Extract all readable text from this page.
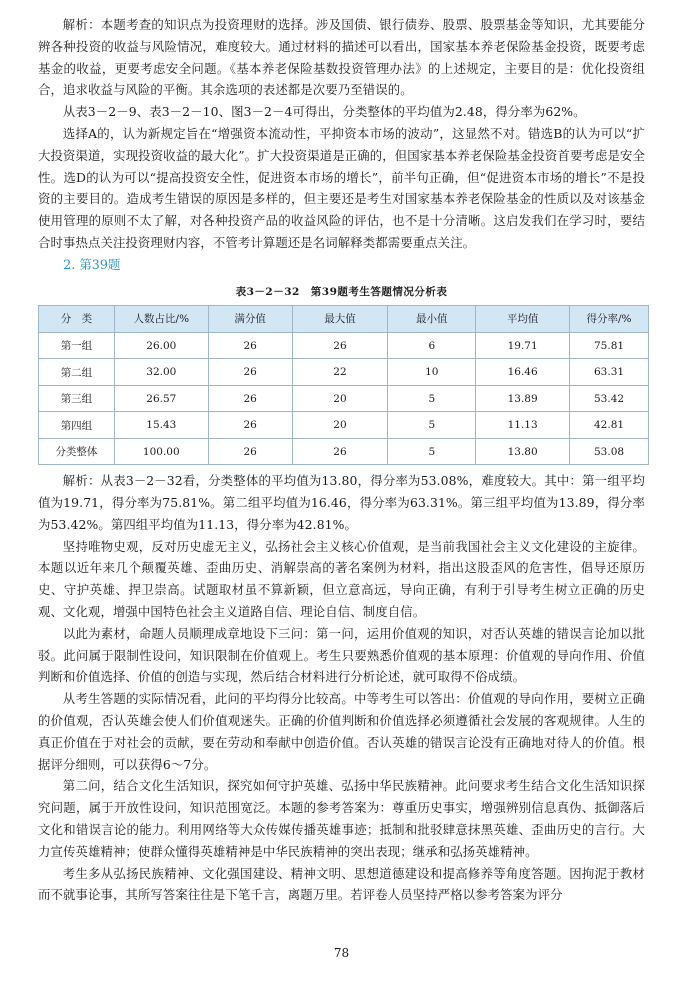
解析：本题考查的知识点为投资理财的选择。涉及国债、银行债券、股票、股票基金等知识，尤其要能分辨各种投资的收益与风险情况，难度较大。通过材料的描述可以看出，国家基本养老保险基金投资，既要考虑基金的收益，更要考虑安全问题。《基本养老保险基数投资管理办法》的上述规定，主要目的是：优化投资组合，追求收益与风险的平衡。其余选项的表述都是次要乃至错误的。

从表3－2－9、表3－2－10、图3－2－4可得出，分类整体的平均值为2.48，得分率为62%。

选择A的，认为新规定旨在“增强资本流动性，平抑资本市场的波动”，这显然不对。错选B的认为可以“扩大投资渠道，实现投资收益的最大化”。扩大投资渠道是正确的，但国家基本养老保险基金投资首要考虑是安全性。选D的认为可以“提高投资安全性，促进资本市场的增长”，前半句正确，但“促进资本市场的增长”不是投资的主要目的。造成考生错误的原因是多样的，但主要还是考生对国家基本养老保险基金的性质以及对该基金使用管理的原则不太了解，对各种投资产品的收益风险的评估，也不是十分清晰。这启发我们在学习时，要结合时事热点关注投资理财内容，不管考计算题还是名词解释类都需要重点关注。

2. 第39题
表3－2－32　第39题考生答题情况分析表
分　类	人数占比/%	满分值	最大值	最小值	平均值	得分率/%
第一组	26.00	26	26	6	19.71	75.81
第二组	32.00	26	22	10	16.46	63.31
第三组	26.57	26	20	5	13.89	53.42
第四组	15.43	26	20	5	11.13	42.81
分类整体	100.00	26	26	5	13.80	53.08

解析：从表3－2－32看，分类整体的平均值为13.80，得分率为53.08%，难度较大。其中：第一组平均值为19.71，得分率为75.81%。第二组平均值为16.46，得分率为63.31%。第三组平均值为13.89，得分率为53.42%。第四组平均值为11.13，得分率为42.81%。

坚持唯物史观，反对历史虚无主义，弘扬社会主义核心价值观，是当前我国社会主义文化建设的主旋律。本题以近年来几个颠覆英雄、歪曲历史、消解崇高的著名案例为材料，指出这股歪风的危害性，倡导还原历史、守护英雄、捍卫崇高。试题取材虽不算新颖，但立意高远，导向正确，有利于引导考生树立正确的历史观、文化观，增强中国特色社会主义道路自信、理论自信、制度自信。

以此为素材，命题人员顺理成章地设下三问：第一问，运用价值观的知识，对否认英雄的错误言论加以批驳。此问属于限制性设问，知识限制在价值观上。考生只要熟悉价值观的基本原理：价值观的导向作用、价值判断和价值选择、价值的创造与实现，然后结合材料进行分析论述，就可取得不俗成绩。

从考生答题的实际情况看，此问的平均得分比较高。中等考生可以答出：价值观的导向作用，要树立正确的价值观，否认英雄会使人们价值观迷失。正确的价值判断和价值选择必须遵循社会发展的客观规律。人生的真正价值在于对社会的贡献，要在劳动和奉献中创造价值。否认英雄的错误言论没有正确地对待人的价值。根据评分细则，可以获得6～7分。

第二问，结合文化生活知识，探究如何守护英雄、弘扬中华民族精神。此问要求考生结合文化生活知识探究问题，属于开放性设问，知识范围宽泛。本题的参考答案为：尊重历史事实，增强辨别信息真伪、抵御落后文化和错误言论的能力。利用网络等大众传媒传播英雄事迹；抵制和批驳肆意抹黑英雄、歪曲历史的言行。大力宣传英雄精神；使群众懂得英雄精神是中华民族精神的突出表现；继承和弘扬英雄精神。

考生多从弘扬民族精神、文化强国建设、精神文明、思想道德建设和提高修养等角度答题。因拘泥于教材而不就事论事，其所写答案往往是下笔千言，离题万里。若评卷人员坚持严格以参考答案为评分

78
